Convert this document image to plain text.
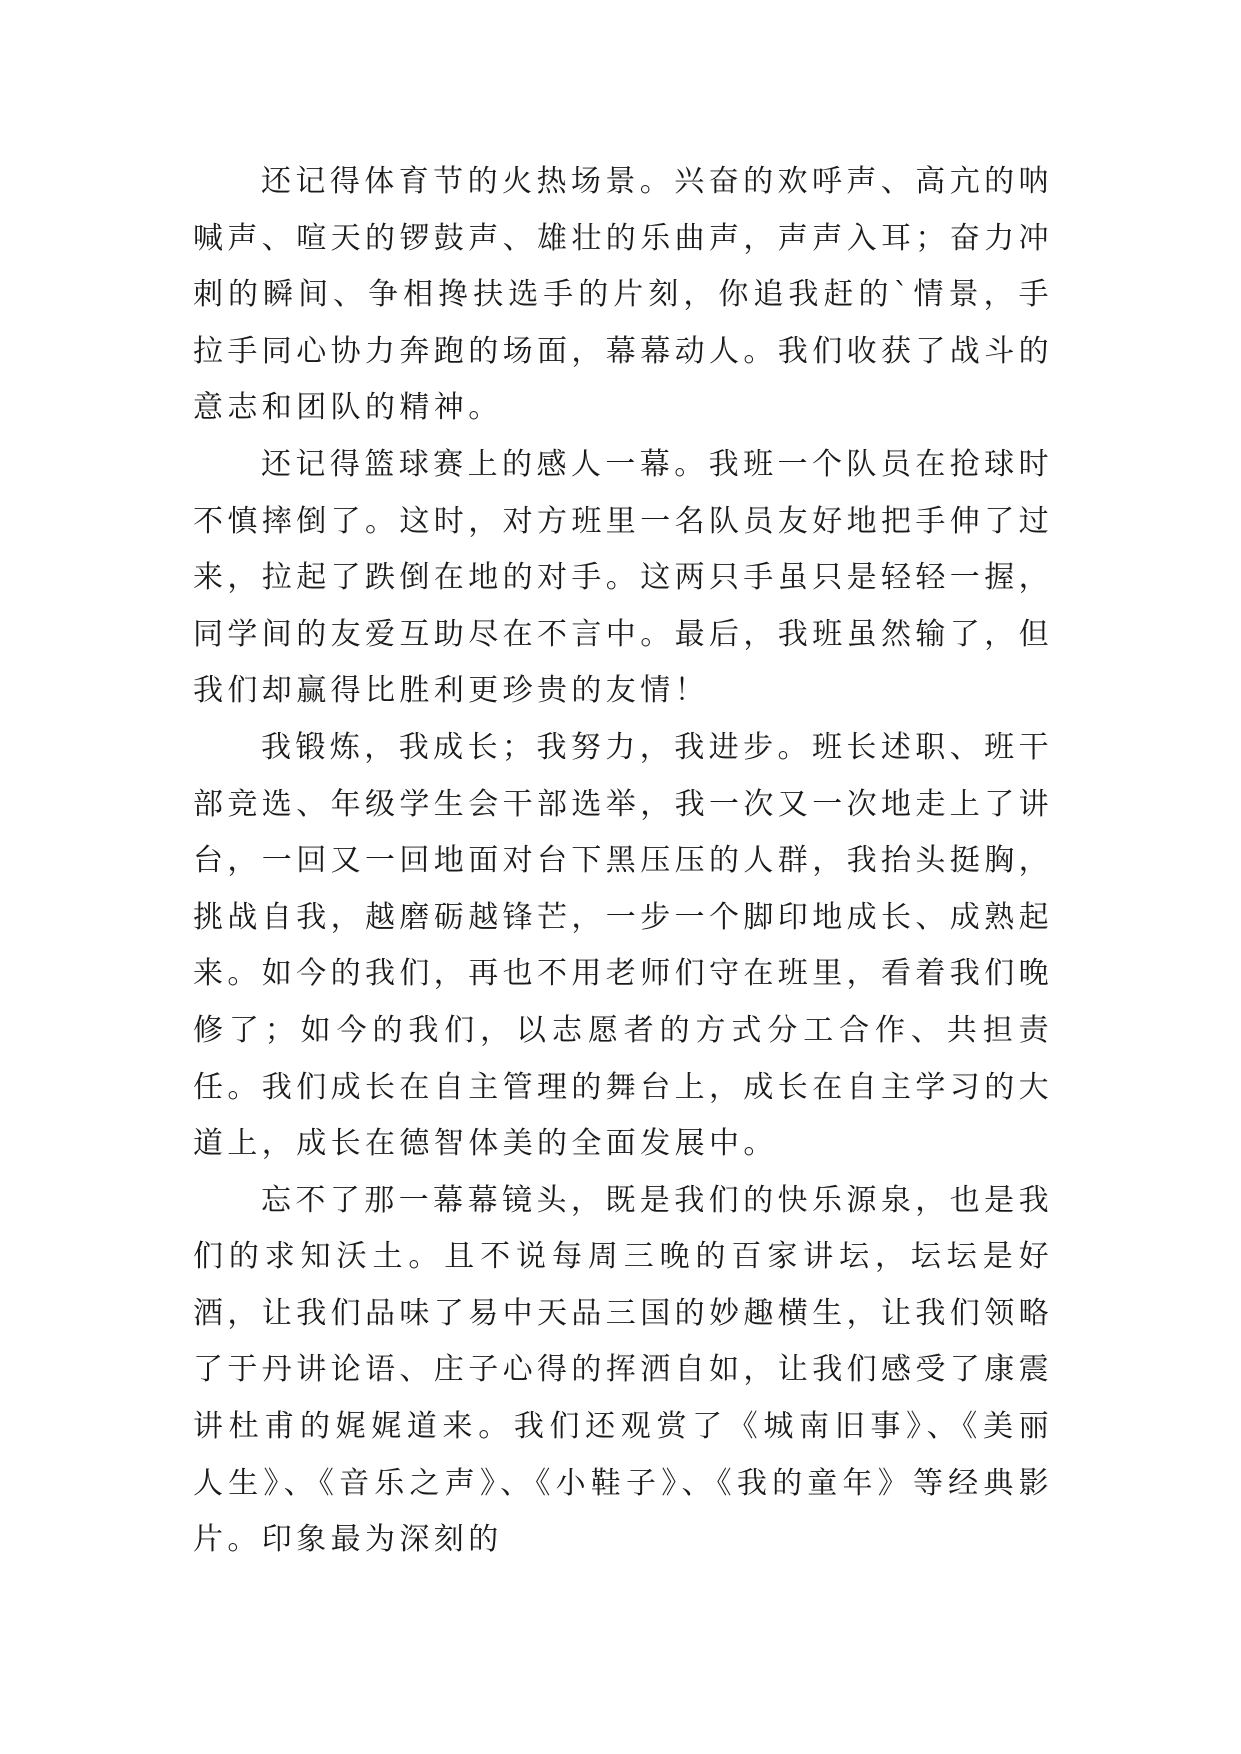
还记得体育节的火热场景。兴奋的欢呼声、高亢的呐喊声、喧天的锣鼓声、雄壮的乐曲声，声声入耳；奋力冲刺的瞬间、争相搀扶选手的片刻，你追我赶的`情景，手拉手同心协力奔跑的场面，幕幕动人。我们收获了战斗的意志和团队的精神。

还记得篮球赛上的感人一幕。我班一个队员在抢球时不慎摔倒了。这时，对方班里一名队员友好地把手伸了过来，拉起了跌倒在地的对手。这两只手虽只是轻轻一握，同学间的友爱互助尽在不言中。最后，我班虽然输了，但我们却赢得比胜利更珍贵的友情！

我锻炼，我成长；我努力，我进步。班长述职、班干部竞选、年级学生会干部选举，我一次又一次地走上了讲台，一回又一回地面对台下黑压压的人群，我抬头挺胸，挑战自我，越磨砺越锋芒，一步一个脚印地成长、成熟起来。如今的我们，再也不用老师们守在班里，看着我们晚修了；如今的我们，以志愿者的方式分工合作、共担责任。我们成长在自主管理的舞台上，成长在自主学习的大道上，成长在德智体美的全面发展中。

忘不了那一幕幕镜头，既是我们的快乐源泉，也是我们的求知沃土。且不说每周三晚的百家讲坛，坛坛是好酒，让我们品味了易中天品三国的妙趣横生，让我们领略了于丹讲论语、庄子心得的挥洒自如，让我们感受了康震讲杜甫的娓娓道来。我们还观赏了《城南旧事》、《美丽人生》、《音乐之声》、《小鞋子》、《我的童年》等经典影片。印象最为深刻的
